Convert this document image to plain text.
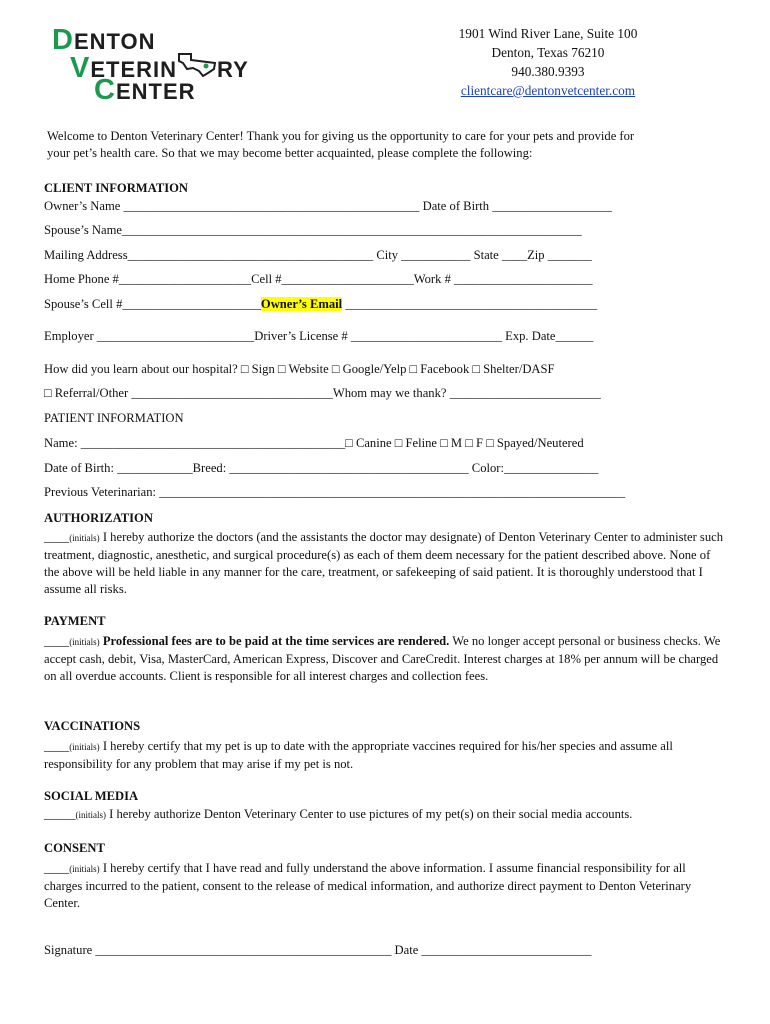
DENTON
VETERIN RY
CENTER
1901 Wind River Lane, Suite 100
Denton, Texas 76210
940.380.9393
clientcare@dentonvetcenter.com

Welcome to Denton Veterinary Center! Thank you for giving us the opportunity to care for your pets and provide for your pet’s health care. So that we may become better acquainted, please complete the following:

CLIENT INFORMATION

Owner’s Name _______________________________________________ Date of Birth ___________________

Spouse’s Name_________________________________________________________________________

Mailing Address_______________________________________ City ___________ State ____Zip _______

Home Phone #_____________________Cell #_____________________Work # ______________________

Spouse’s Cell #______________________Owner’s Email ________________________________________

Employer _________________________Driver’s License # ________________________ Exp. Date______

How did you learn about our hospital? □ Sign □ Website □ Google/Yelp □ Facebook □ Shelter/DASF

□ Referral/Other ________________________________Whom may we thank? ________________________

PATIENT INFORMATION

Name: __________________________________________□ Canine □ Feline □ M □ F □ Spayed/Neutered

Date of Birth: ____________Breed: ______________________________________ Color:_______________

Previous Veterinarian: __________________________________________________________________________

AUTHORIZATION

____(initials) I hereby authorize the doctors (and the assistants the doctor may designate) of Denton Veterinary Center to administer such treatment, diagnostic, anesthetic, and surgical procedure(s) as each of them deem necessary for the patient described above. None of the above will be held liable in any manner for the care, treatment, or safekeeping of said patient. It is thoroughly understood that I assume all risks.

PAYMENT

____(initials) Professional fees are to be paid at the time services are rendered. We no longer accept personal or business checks. We accept cash, debit, Visa, MasterCard, American Express, Discover and CareCredit. Interest charges at 18% per annum will be charged on all overdue accounts. Client is responsible for all interest charges and collection fees.

VACCINATIONS

____(initials) I hereby certify that my pet is up to date with the appropriate vaccines required for his/her species and assume all responsibility for any problem that may arise if my pet is not.

SOCIAL MEDIA

_____(initials) I hereby authorize Denton Veterinary Center to use pictures of my pet(s) on their social media accounts.

CONSENT

____(initials) I hereby certify that I have read and fully understand the above information. I assume financial responsibility for all charges incurred to the patient, consent to the release of medical information, and authorize direct payment to Denton Veterinary Center.

Signature _______________________________________________ Date ___________________________
